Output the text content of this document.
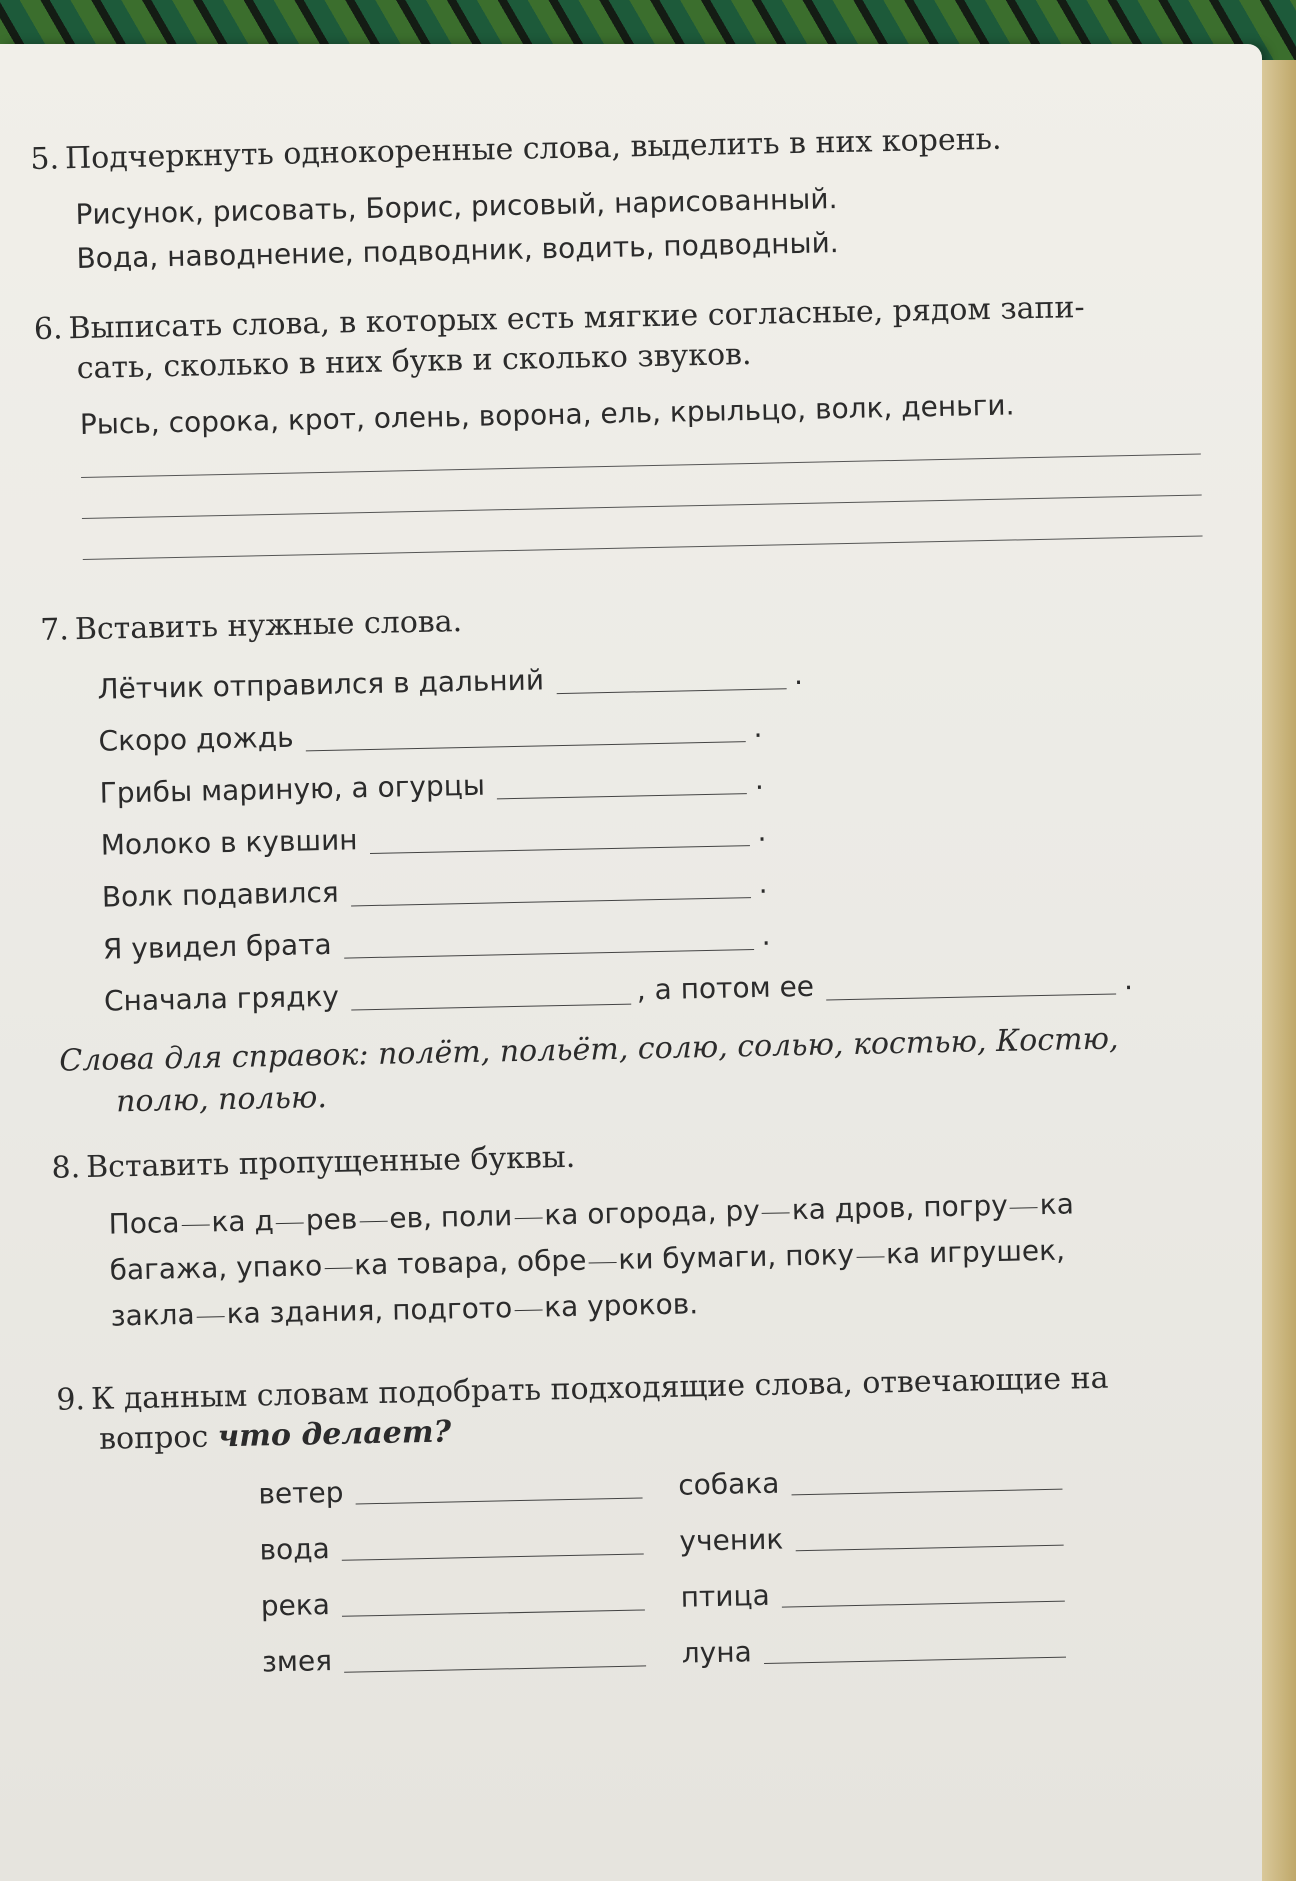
5. Подчеркнуть однокоренные слова, выделить в них корень.

Рисунок, рисовать, Борис, рисовый, нарисованный.

Вода, наводнение, подводник, водить, подводный.

6. Выписать слова, в которых есть мягкие согласные, рядом запи-

сать, сколько в них букв и сколько звуков.

Рысь, сорока, крот, олень, ворона, ель, крыльцо, волк, деньги.

7. Вставить нужные слова.

Лётчик отправился в дальний	.
Скоро дождь	.
Грибы мариную, а огурцы	.
Молоко в кувшин	.
Волк подавился	.
Я увидел брата	.
Сначала грядку	, а потом ее	.

Слова для справок: полёт, польёт, солю, солью, костью, Костю,
полю, полью.

8. Вставить пропущенные буквы.

Поса ка д рев ев, поли ка огорода, ру ка дров, погру ка

багажа, упако ка товара, обре ки бумаги, поку ка игрушек,

закла ка здания, подгото ка уроков.

9. К данным словам подобрать подходящие слова, отвечающие на

вопрос что делает?

ветер	собака
вода	ученик
река	птица
змея	луна
